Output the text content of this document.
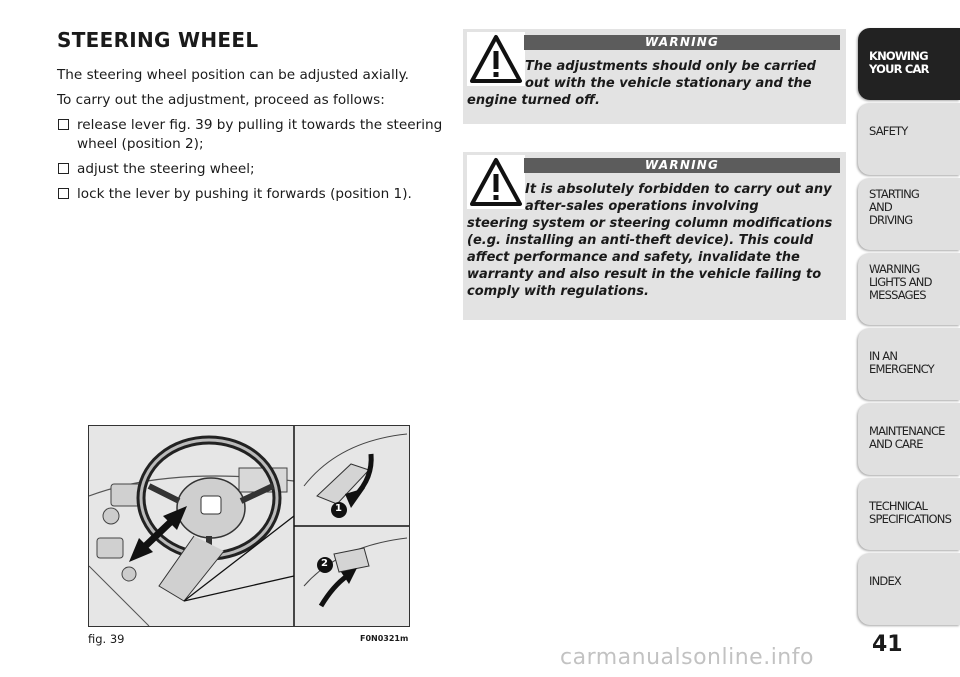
STEERING WHEEL

The steering wheel position can be adjusted axially.

To carry out the adjustment, proceed as follows:

release lever fig. 39 by pulling it towards the steering wheel (position 2);
adjust the steering wheel;
lock the lever by pushing it forwards (position 1).
WARNING
The adjustments should only be carried out with the vehicle stationary and the
engine turned off.
WARNING
It is absolutely forbidden to carry out any after-sales operations involving
steering system or steering column modifications (e.g. installing an anti-theft device). This could affect performance and safety, invalidate the warranty and also result in the vehicle failing to comply with regulations.
1
2
fig. 39	F0N0321m
KNOWING
YOUR CAR
SAFETY
STARTING
AND
DRIVING
WARNING
LIGHTS AND
MESSAGES
IN AN
EMERGENCY
MAINTENANCE
AND CARE
TECHNICAL
SPECIFICATIONS
INDEX
41
carmanualsonline.info
